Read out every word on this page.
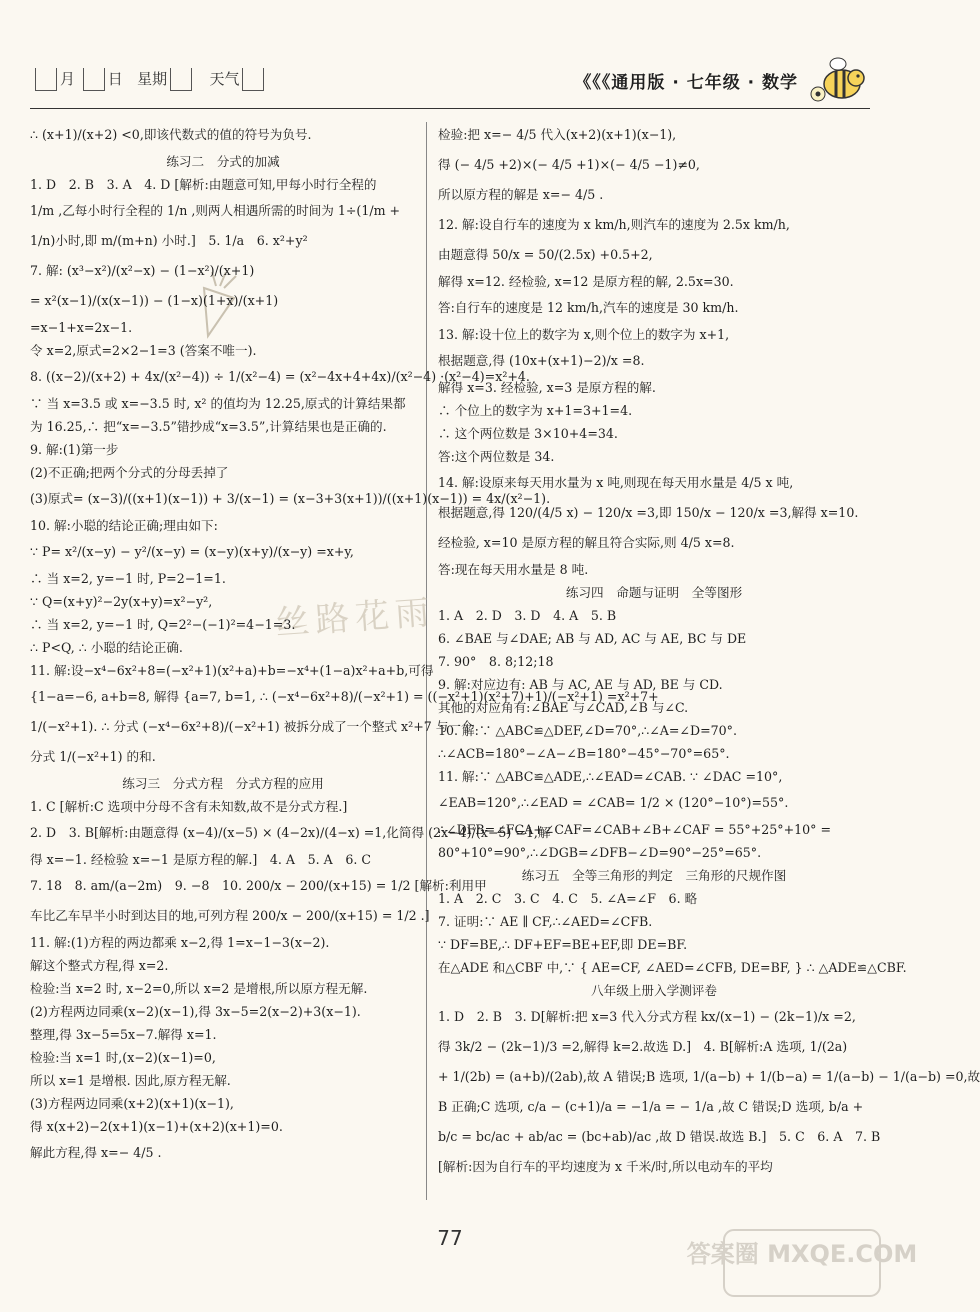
月 日 星期	天气	《《《通用版 · 七年级 · 数学
丝路花雨
∴ (x+1)/(x+2) <0,即该代数式的值的符号为负号.
练习二　分式的加减
1. D　2. B　3. A　4. D [解析:由题意可知,甲每小时行全程的
1/m ,乙每小时行全程的 1/n ,则两人相遇所需的时间为 1÷(1/m +
1/n)小时,即 m/(m+n) 小时.]　5. 1/a　6. x²+y²
7. 解: (x³−x²)/(x²−x) − (1−x²)/(x+1)
= x²(x−1)/(x(x−1)) − (1−x)(1+x)/(x+1)
=x−1+x=2x−1.
令 x=2,原式=2×2−1=3 (答案不唯一).
8. ((x−2)/(x+2) + 4x/(x²−4)) ÷ 1/(x²−4) = (x²−4x+4+4x)/(x²−4) ·(x²−4)=x²+4.
∵ 当 x=3.5 或 x=−3.5 时, x² 的值均为 12.25,原式的计算结果都
为 16.25,∴ 把“x=−3.5”错抄成“x=3.5”,计算结果也是正确的.
9. 解:(1)第一步
(2)不正确;把两个分式的分母丢掉了
(3)原式= (x−3)/((x+1)(x−1)) + 3/(x−1) = (x−3+3(x+1))/((x+1)(x−1)) = 4x/(x²−1).
10. 解:小聪的结论正确;理由如下:
∵ P= x²/(x−y) − y²/(x−y) = (x−y)(x+y)/(x−y) =x+y,
∴ 当 x=2, y=−1 时, P=2−1=1.
∵ Q=(x+y)²−2y(x+y)=x²−y²,
∴ 当 x=2, y=−1 时, Q=2²−(−1)²=4−1=3.
∴ P<Q, ∴ 小聪的结论正确.
11. 解:设−x⁴−6x²+8=(−x²+1)(x²+a)+b=−x⁴+(1−a)x²+a+b,可得
{1−a=−6, a+b=8, 解得 {a=7, b=1, ∴ (−x⁴−6x²+8)/(−x²+1) = ((−x²+1)(x²+7)+1)/(−x²+1) =x²+7+
1/(−x²+1). ∴ 分式 (−x⁴−6x²+8)/(−x²+1) 被拆分成了一个整式 x²+7 与一个
分式 1/(−x²+1) 的和.
练习三　分式方程　分式方程的应用
1. C [解析:C 选项中分母不含有未知数,故不是分式方程.]
2. D　3. B[解析:由题意得 (x−4)/(x−5) × (4−2x)/(4−x) =1,化简得 (2x−4)/(x−5) =1,解
得 x=−1. 经检验 x=−1 是原方程的解.]　4. A　5. A　6. C
7. 18　8. am/(a−2m)　9. −8　10. 200/x − 200/(x+15) = 1/2 [解析:利用甲
车比乙车早半小时到达目的地,可列方程 200/x − 200/(x+15) = 1/2 .]
11. 解:(1)方程的两边都乘 x−2,得 1=x−1−3(x−2).
解这个整式方程,得 x=2.
检验:当 x=2 时, x−2=0,所以 x=2 是增根,所以原方程无解.
(2)方程两边同乘(x−2)(x−1),得 3x−5=2(x−2)+3(x−1).
整理,得 3x−5=5x−7.解得 x=1.
检验:当 x=1 时,(x−2)(x−1)=0,
所以 x=1 是增根. 因此,原方程无解.
(3)方程两边同乘(x+2)(x+1)(x−1),
得 x(x+2)−2(x+1)(x−1)+(x+2)(x+1)=0.
解此方程,得 x=− 4/5 .
检验:把 x=− 4/5 代入(x+2)(x+1)(x−1),
得 (− 4/5 +2)×(− 4/5 +1)×(− 4/5 −1)≠0,
所以原方程的解是 x=− 4/5 .
12. 解:设自行车的速度为 x km/h,则汽车的速度为 2.5x km/h,
由题意得 50/x = 50/(2.5x) +0.5+2,
解得 x=12. 经检验, x=12 是原方程的解, 2.5x=30.
答:自行车的速度是 12 km/h,汽车的速度是 30 km/h.
13. 解:设十位上的数字为 x,则个位上的数字为 x+1,
根据题意,得 (10x+(x+1)−2)/x =8.
解得 x=3. 经检验, x=3 是原方程的解.
∴ 个位上的数字为 x+1=3+1=4.
∴ 这个两位数是 3×10+4=34.
答:这个两位数是 34.
14. 解:设原来每天用水量为 x 吨,则现在每天用水量是 4/5 x 吨,
根据题意,得 120/(4/5 x) − 120/x =3,即 150/x − 120/x =3,解得 x=10.
经检验, x=10 是原方程的解且符合实际,则 4/5 x=8.
答:现在每天用水量是 8 吨.
练习四　命题与证明　全等图形
1. A　2. D　3. D　4. A　5. B
6. ∠BAE 与∠DAE; AB 与 AD, AC 与 AE, BC 与 DE
7. 90°　8. 8;12;18
9. 解:对应边有: AB 与 AC, AE 与 AD, BE 与 CD.
其他的对应角有:∠BAE 与∠CAD,∠B 与∠C.
10. 解:∵ △ABC≌△DEF,∠D=70°,∴∠A=∠D=70°.
∴∠ACB=180°−∠A−∠B=180°−45°−70°=65°.
11. 解:∵ △ABC≌△ADE,∴∠EAD=∠CAB. ∵ ∠DAC =10°,
∠EAB=120°,∴∠EAD = ∠CAB= 1/2 × (120°−10°)=55°.
∴∠DFB=∠FCA+∠CAF=∠CAB+∠B+∠CAF = 55°+25°+10° =
80°+10°=90°,∴∠DGB=∠DFB−∠D=90°−25°=65°.
练习五　全等三角形的判定　三角形的尺规作图
1. A　2. C　3. C　4. C　5. ∠A=∠F　6. 略
7. 证明:∵ AE ∥ CF,∴∠AED=∠CFB.
∵ DF=BE,∴ DF+EF=BE+EF,即 DE=BF.
在△ADE 和△CBF 中,∵ { AE=CF, ∠AED=∠CFB, DE=BF, } ∴ △ADE≌△CBF.
八年级上册入学测评卷
1. D　2. B　3. D[解析:把 x=3 代入分式方程 kx/(x−1) − (2k−1)/x =2,
得 3k/2 − (2k−1)/3 =2,解得 k=2.故选 D.]　4. B[解析:A 选项, 1/(2a)
+ 1/(2b) = (a+b)/(2ab),故 A 错误;B 选项, 1/(a−b) + 1/(b−a) = 1/(a−b) − 1/(a−b) =0,故
B 正确;C 选项, c/a − (c+1)/a = −1/a = − 1/a ,故 C 错误;D 选项, b/a +
b/c = bc/ac + ab/ac = (bc+ab)/ac ,故 D 错误.故选 B.]　5. C　6. A　7. B
[解析:因为自行车的平均速度为 x 千米/时,所以电动车的平均
77
答案圈 MXQE.COM
